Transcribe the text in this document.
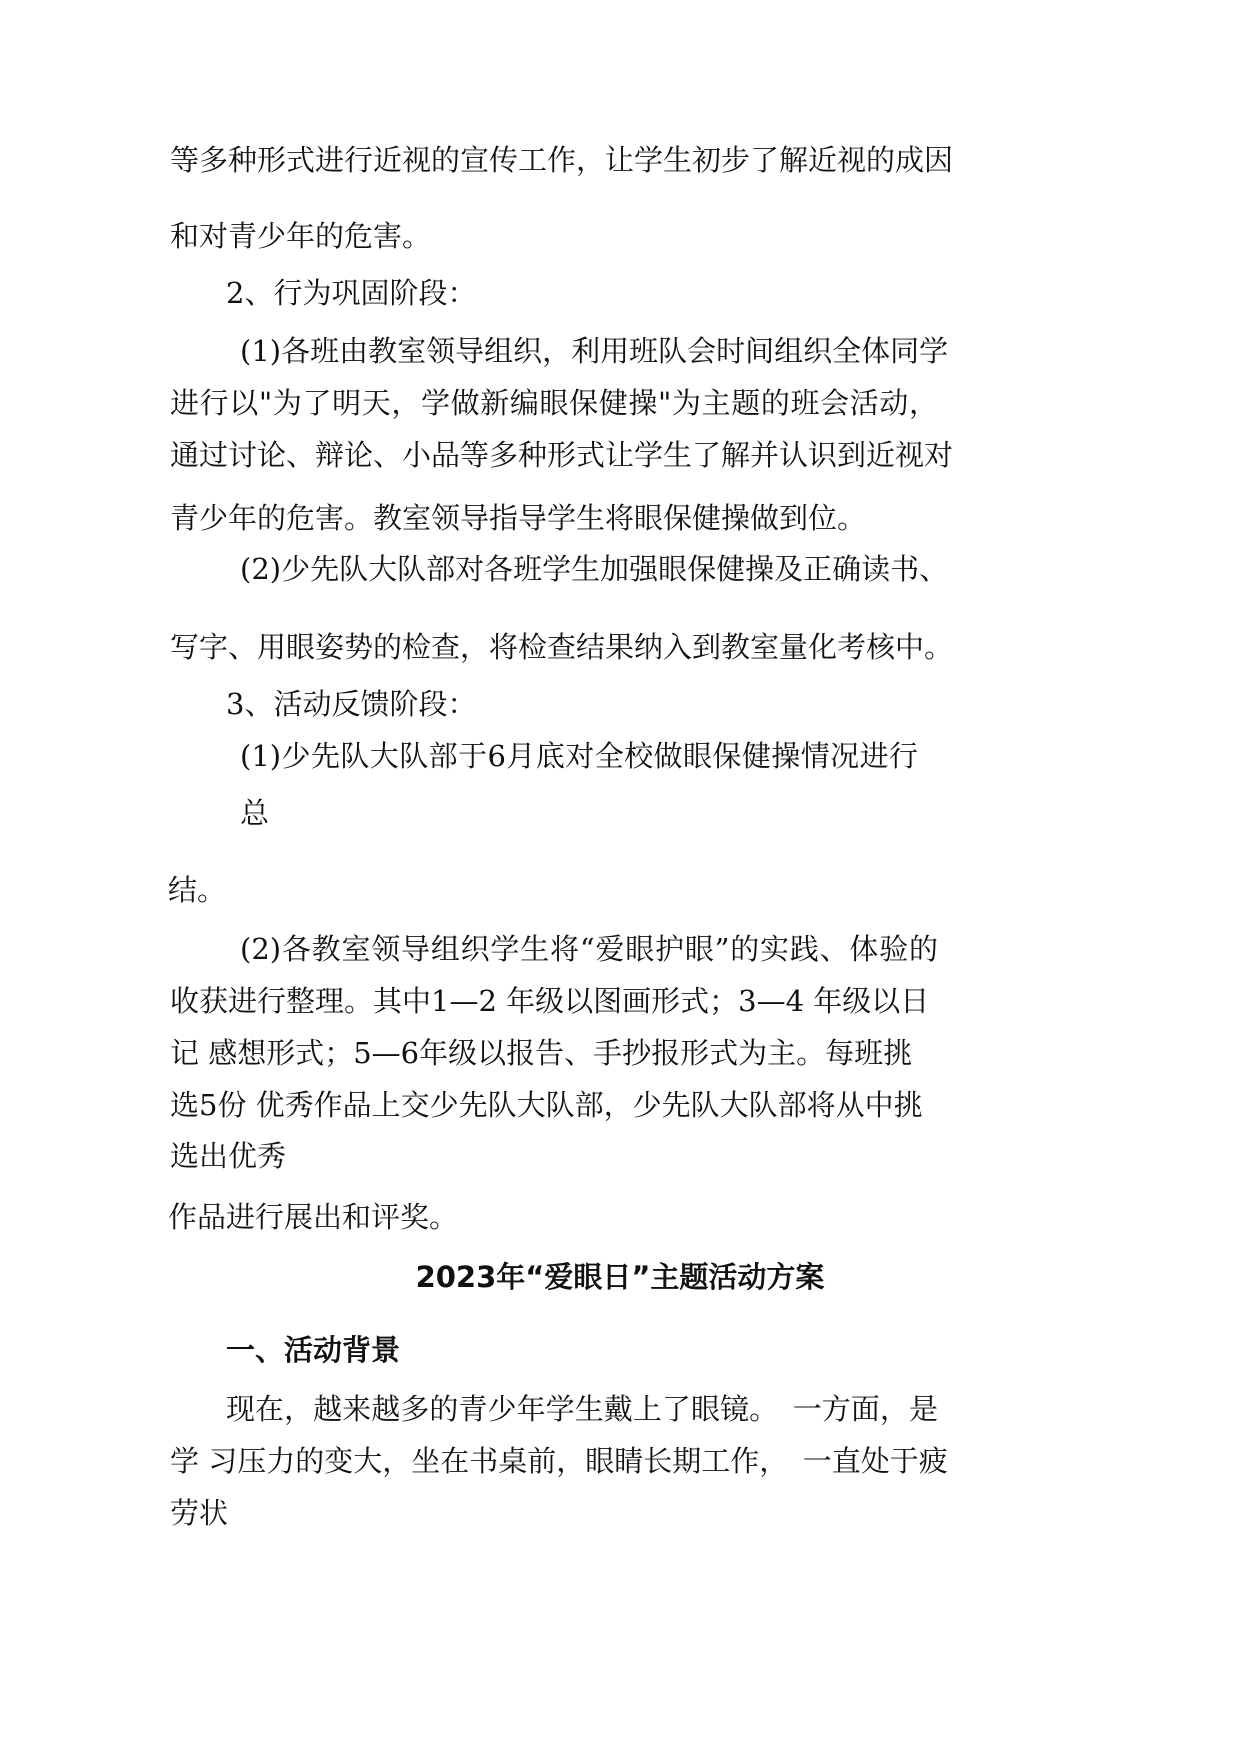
等多种形式进行近视的宣传工作，让学生初步了解近视的成因

和对青少年的危害。

2、行为巩固阶段：

(1)各班由教室领导组织，利用班队会时间组织全体同学

进行以"为了明天，学做新编眼保健操"为主题的班会活动，

通过讨论、辩论、小品等多种形式让学生了解并认识到近视对

青少年的危害。教室领导指导学生将眼保健操做到位。

(2)少先队大队部对各班学生加强眼保健操及正确读书、

写字、用眼姿势的检查，将检查结果纳入到教室量化考核中。

3、活动反馈阶段：

(1)少先队大队部于6月底对全校做眼保健操情况进行

总

结。

(2)各教室领导组织学生将“爱眼护眼”的实践、体验的

收获进行整理。其中1—2 年级以图画形式；3—4 年级以日

记 感想形式；5—6年级以报告、手抄报形式为主。每班挑

选5份 优秀作品上交少先队大队部，少先队大队部将从中挑

选出优秀

作品进行展出和评奖。

2023年“爱眼日”主题活动方案
一、活动背景

现在，越来越多的青少年学生戴上了眼镜。　一方面，是

学 习压力的变大，坐在书桌前，眼睛长期工作，　一直处于疲

劳状
